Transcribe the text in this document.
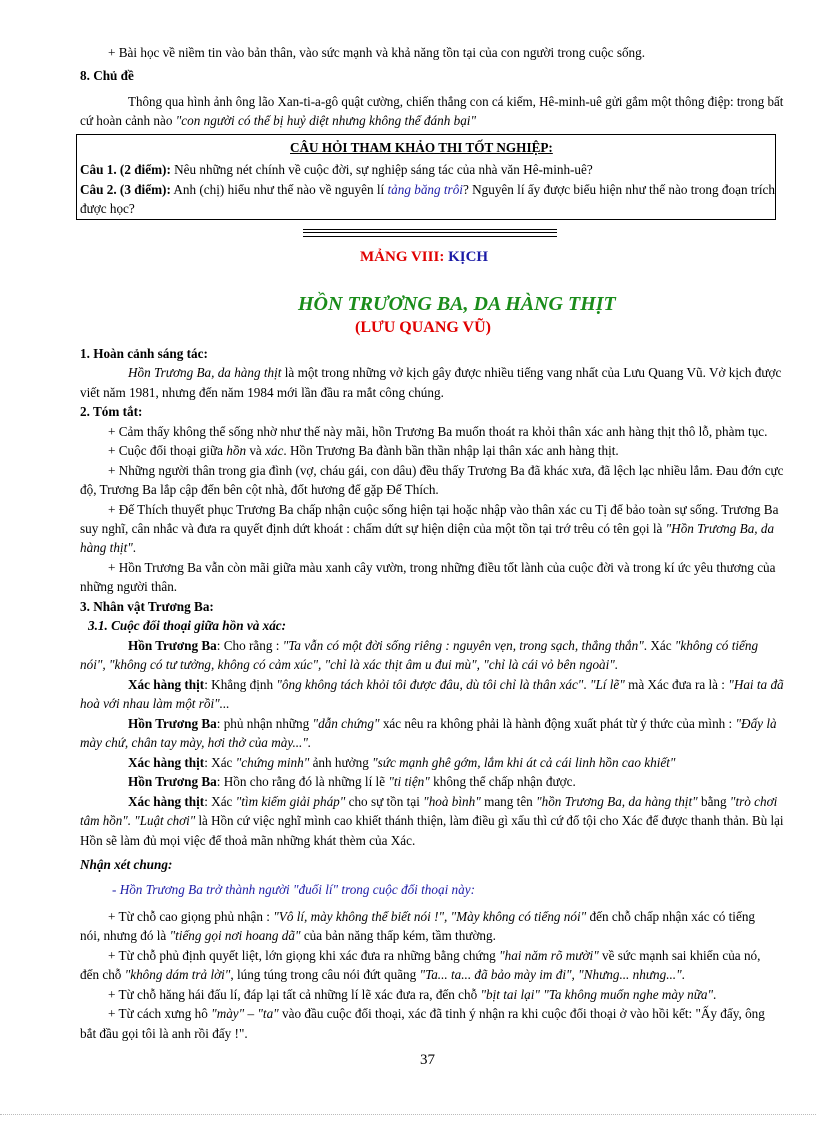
+ Bài học về niềm tin vào bản thân, vào sức mạnh và khả năng tồn tại của con người trong cuộc sống.
8. Chủ đề
Thông qua hình ảnh ông lão Xan-ti-a-gô quật cường, chiến thắng con cá kiếm, Hê-minh-uê gửi gắm một thông điệp: trong bất
cứ hoàn cảnh nào "con người có thể bị huỷ diệt nhưng không thể đánh bại"
CÂU HỎI THAM KHẢO THI TỐT NGHIỆP:
Câu 1. (2 điểm): Nêu những nét chính về cuộc đời, sự nghiệp sáng tác của nhà văn Hê-minh-uê?
Câu 2. (3 điểm): Anh (chị) hiểu như thế nào về nguyên lí tảng băng trôi? Nguyên lí ấy được biểu hiện như thế nào trong đoạn trích
được học?
MẢNG VIII: KỊCH
HỒN TRƯƠNG BA, DA HÀNG THỊT
(LƯU QUANG VŨ)
1. Hoàn cảnh sáng tác:
Hồn Trương Ba, da hàng thịt là một trong những vở kịch gây được nhiều tiếng vang nhất của Lưu Quang Vũ. Vở kịch được
viết năm 1981, nhưng đến năm 1984 mới lần đầu ra mắt công chúng.
2. Tóm tắt:
+ Cảm thấy không thể sống nhờ như thế này mãi, hồn Trương Ba muốn thoát ra khỏi thân xác anh hàng thịt thô lỗ, phàm tục.
+ Cuộc đối thoại giữa hồn và xác. Hồn Trương Ba đành bần thần nhập lại thân xác anh hàng thịt.
+ Những người thân trong gia đình (vợ, cháu gái, con dâu) đều thấy Trương Ba đã khác xưa, đã lệch lạc nhiều lắm. Đau đớn cực
độ, Trương Ba lắp cập đến bên cột nhà, đốt hương để gặp Đế Thích.
+ Đế Thích thuyết phục Trương Ba chấp nhận cuộc sống hiện tại hoặc nhập vào thân xác cu Tị để bảo toàn sự sống. Trương Ba
suy nghĩ, cân nhắc và đưa ra quyết định dứt khoát : chấm dứt sự hiện diện của một tồn tại trớ trêu có tên gọi là "Hồn Trương Ba, da
hàng thịt".
+ Hồn Trương Ba vẫn còn mãi giữa màu xanh cây vườn, trong những điều tốt lành của cuộc đời và trong kí ức yêu thương của
những người thân.
3. Nhân vật Trương Ba:
3.1. Cuộc đối thoại giữa hồn và xác:
Hồn Trương Ba: Cho rằng : "Ta vẫn có một đời sống riêng : nguyên vẹn, trong sạch, thẳng thắn". Xác "không có tiếng
nói", "không có tư tưởng, không có cảm xúc", "chỉ là xác thịt âm u đui mù", "chỉ là cái vỏ bên ngoài".
Xác hàng thịt: Khẳng định "ông không tách khỏi tôi được đâu, dù tôi chỉ là thân xác". "Lí lẽ" mà Xác đưa ra là : "Hai ta đã
hoà với nhau làm một rồi"...
Hồn Trương Ba: phủ nhận những "dẫn chứng" xác nêu ra không phải là hành động xuất phát từ ý thức của mình : "Đấy là
mày chứ, chân tay mày, hơi thở của mày...".
Xác hàng thịt: Xác "chứng minh" ảnh hưởng "sức mạnh ghê gớm, lắm khi át cả cái linh hồn cao khiết"
Hồn Trương Ba: Hồn cho rằng đó là những lí lẽ "ti tiện" không thể chấp nhận được.
Xác hàng thịt: Xác "tìm kiếm giải pháp" cho sự tồn tại "hoà bình" mang tên "hồn Trương Ba, da hàng thịt" bằng "trò chơi
tâm hồn". "Luật chơi" là Hồn cứ việc nghĩ mình cao khiết thánh thiện, làm điều gì xấu thì cứ đổ tội cho Xác để được thanh thản. Bù lại
Hồn sẽ làm đủ mọi việc để thoả mãn những khát thèm của Xác.
Nhận xét chung:
- Hồn Trương Ba trở thành người "đuối lí" trong cuộc đối thoại này:
+ Từ chỗ cao giọng phủ nhận : "Vô lí, mày không thể biết nói !", "Mày không có tiếng nói" đến chỗ chấp nhận xác có tiếng
nói, nhưng đó là "tiếng gọi nơi hoang dã" của bản năng thấp kém, tầm thường.
+ Từ chỗ phủ định quyết liệt, lớn giọng khi xác đưa ra những bằng chứng "hai năm rõ mười" về sức mạnh sai khiến của nó,
đến chỗ "không dám trả lời", lúng túng trong câu nói đứt quãng "Ta... ta... đã bảo mày im đi", "Nhưng... nhưng...".
+ Từ chỗ hăng hái đấu lí, đáp lại tất cả những lí lẽ xác đưa ra, đến chỗ "bịt tai lại" "Ta không muốn nghe mày nữa".
+ Từ cách xưng hô "mày" – "ta" vào đầu cuộc đối thoại, xác đã tinh ý nhận ra khi cuộc đối thoại ở vào hồi kết: "Ấy đấy, ông
bắt đầu gọi tôi là anh rồi đấy !".
37
